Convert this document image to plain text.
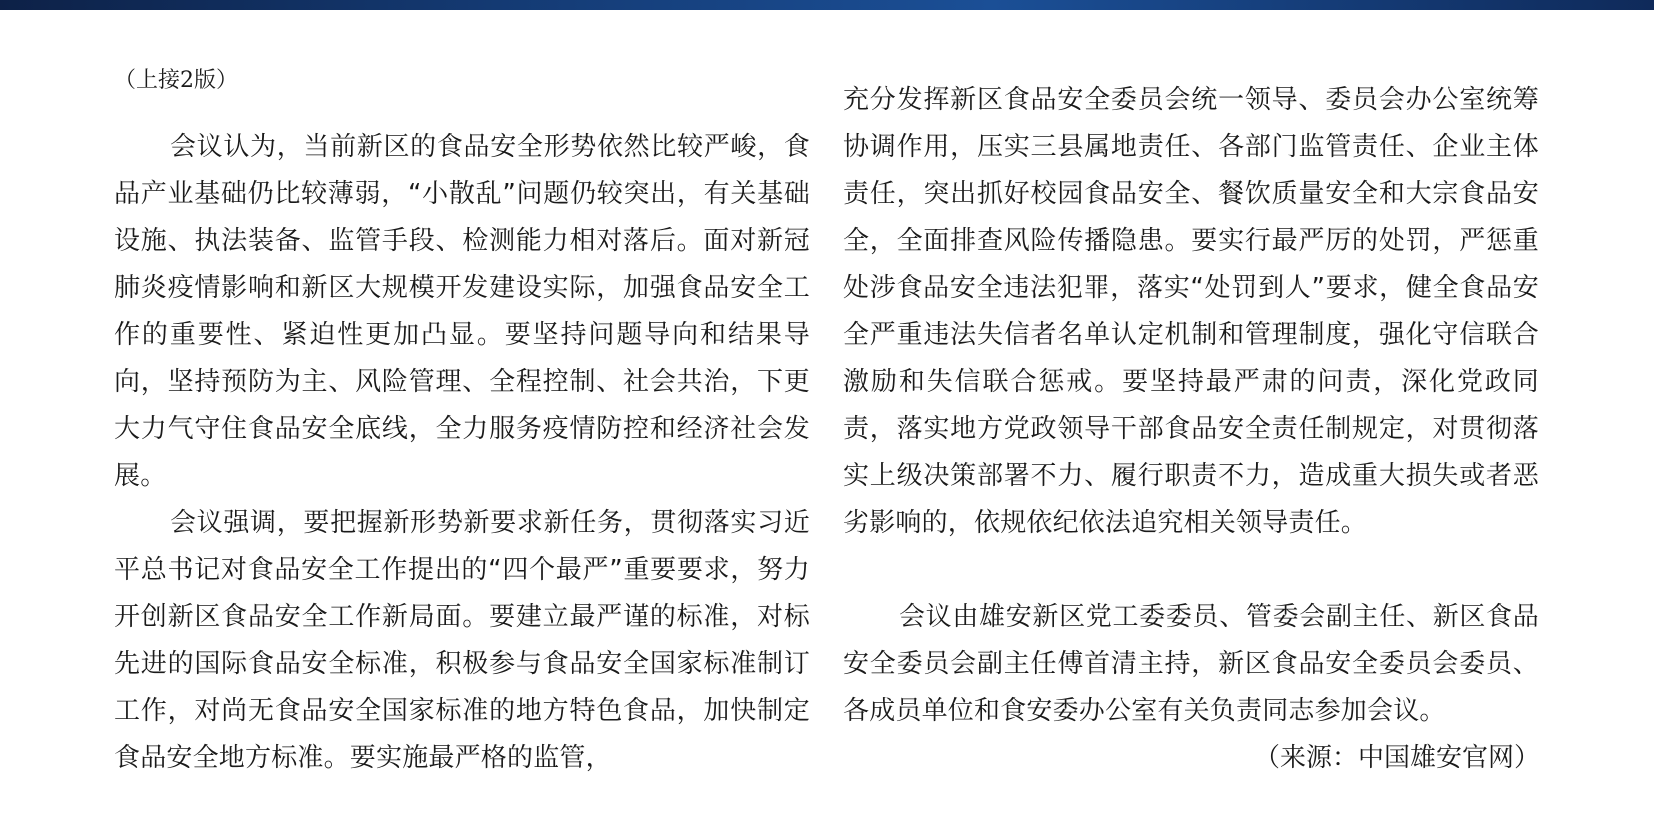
（上接2版）

会议认为，当前新区的食品安全形势依然比较严峻，食品产业基础仍比较薄弱，“小散乱”问题仍较突出，有关基础设施、执法装备、监管手段、检测能力相对落后。面对新冠肺炎疫情影响和新区大规模开发建设实际，加强食品安全工作的重要性、紧迫性更加凸显。要坚持问题导向和结果导向，坚持预防为主、风险管理、全程控制、社会共治，下更大力气守住食品安全底线，全力服务疫情防控和经济社会发展。

会议强调，要把握新形势新要求新任务，贯彻落实习近平总书记对食品安全工作提出的“四个最严”重要要求，努力开创新区食品安全工作新局面。要建立最严谨的标准，对标先进的国际食品安全标准，积极参与食品安全国家标准制订工作，对尚无食品安全国家标准的地方特色食品，加快制定食品安全地方标准。要实施最严格的监管，

充分发挥新区食品安全委员会统一领导、委员会办公室统筹协调作用，压实三县属地责任、各部门监管责任、企业主体责任，突出抓好校园食品安全、餐饮质量安全和大宗食品安全，全面排查风险传播隐患。要实行最严厉的处罚，严惩重处涉食品安全违法犯罪，落实“处罚到人”要求，健全食品安全严重违法失信者名单认定机制和管理制度，强化守信联合激励和失信联合惩戒。要坚持最严肃的问责，深化党政同责，落实地方党政领导干部食品安全责任制规定，对贯彻落实上级决策部署不力、履行职责不力，造成重大损失或者恶劣影响的，依规依纪依法追究相关领导责任。

会议由雄安新区党工委委员、管委会副主任、新区食品安全委员会副主任傅首清主持，新区食品安全委员会委员、各成员单位和食安委办公室有关负责同志参加会议。

（来源：中国雄安官网）
